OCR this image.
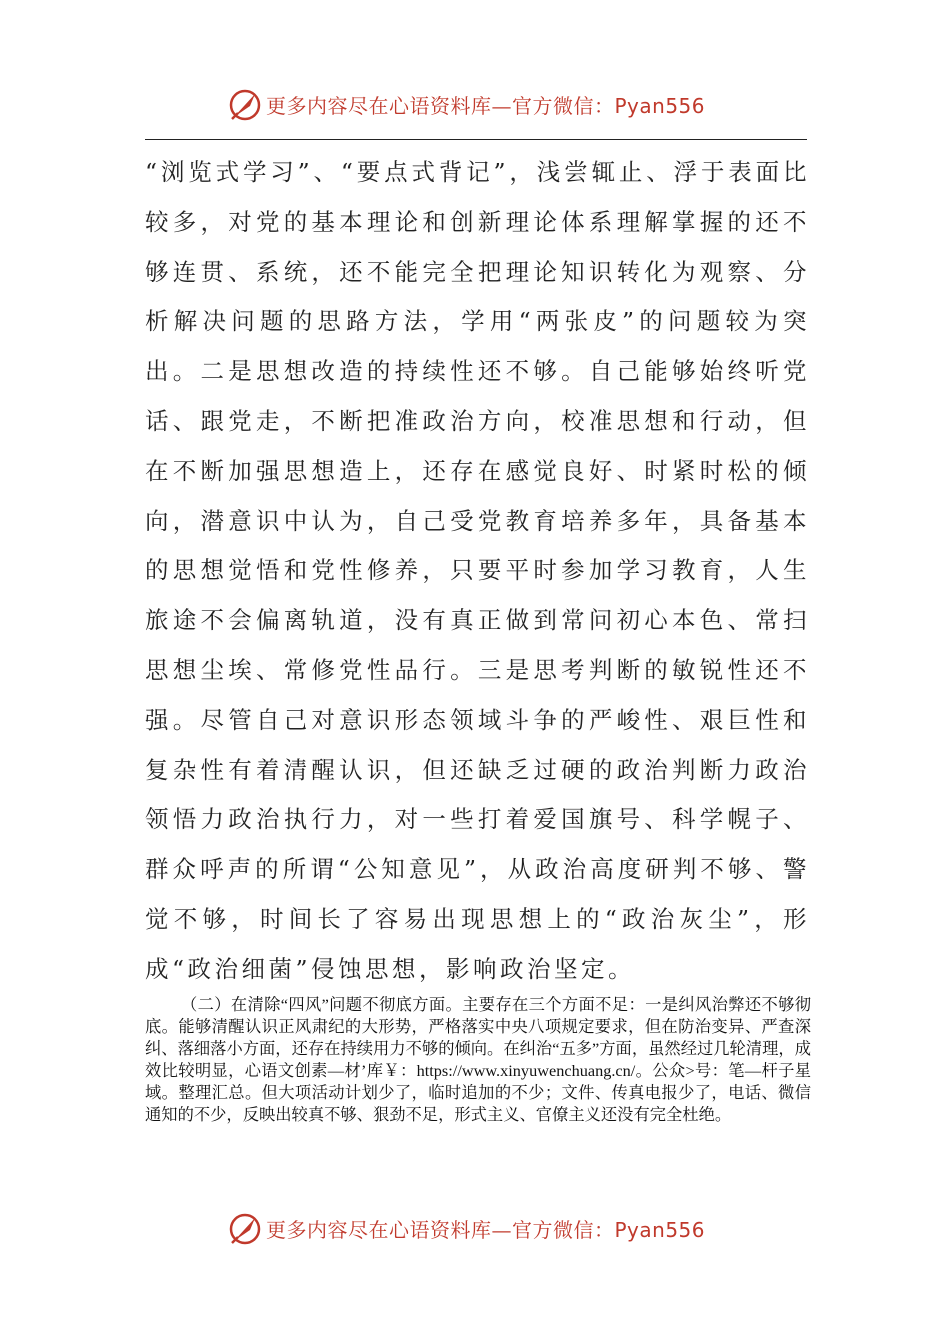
更多内容尽在心语资料库—官方微信：Pyan556

“浏览式学习”、“要点式背记”，浅尝辄止、浮于表面比较多，对党的基本理论和创新理论体系理解掌握的还不够连贯、系统，还不能完全把理论知识转化为观察、分析解决问题的思路方法，学用“两张皮”的问题较为突出。二是思想改造的持续性还不够。自己能够始终听党话、跟党走，不断把准政治方向，校准思想和行动，但在不断加强思想造上，还存在感觉良好、时紧时松的倾向，潜意识中认为，自己受党教育培养多年，具备基本的思想觉悟和党性修养，只要平时参加学习教育，人生旅途不会偏离轨道，没有真正做到常问初心本色、常扫思想尘埃、常修党性品行。三是思考判断的敏锐性还不强。尽管自己对意识形态领域斗争的严峻性、艰巨性和复杂性有着清醒认识，但还缺乏过硬的政治判断力政治领悟力政治执行力，对一些打着爱国旗号、科学幌子、群众呼声的所谓“公知意见”，从政治高度研判不够、警觉不够，时间长了容易出现思想上的“政治灰尘”，形成“政治细菌”侵蚀思想，影响政治坚定。

（二）在清除“四风”问题不彻底方面。主要存在三个方面不足：一是纠风治弊还不够彻底。能够清醒认识正风肃纪的大形势，严格落实中央八项规定要求，但在防治变异、严查深纠、落细落小方面，还存在持续用力不够的倾向。在纠治“五多”方面，虽然经过几轮清理，成效比较明显，心语文创素—材’库￥：https://www.xinyuwenchuang.cn/。公众>号：笔—杆子星域。整理汇总。但大项活动计划少了，临时追加的不少；文件、传真电报少了，电话、微信通知的不少，反映出较真不够、狠劲不足，形式主义、官僚主义还没有完全杜绝。

更多内容尽在心语资料库—官方微信：Pyan556
